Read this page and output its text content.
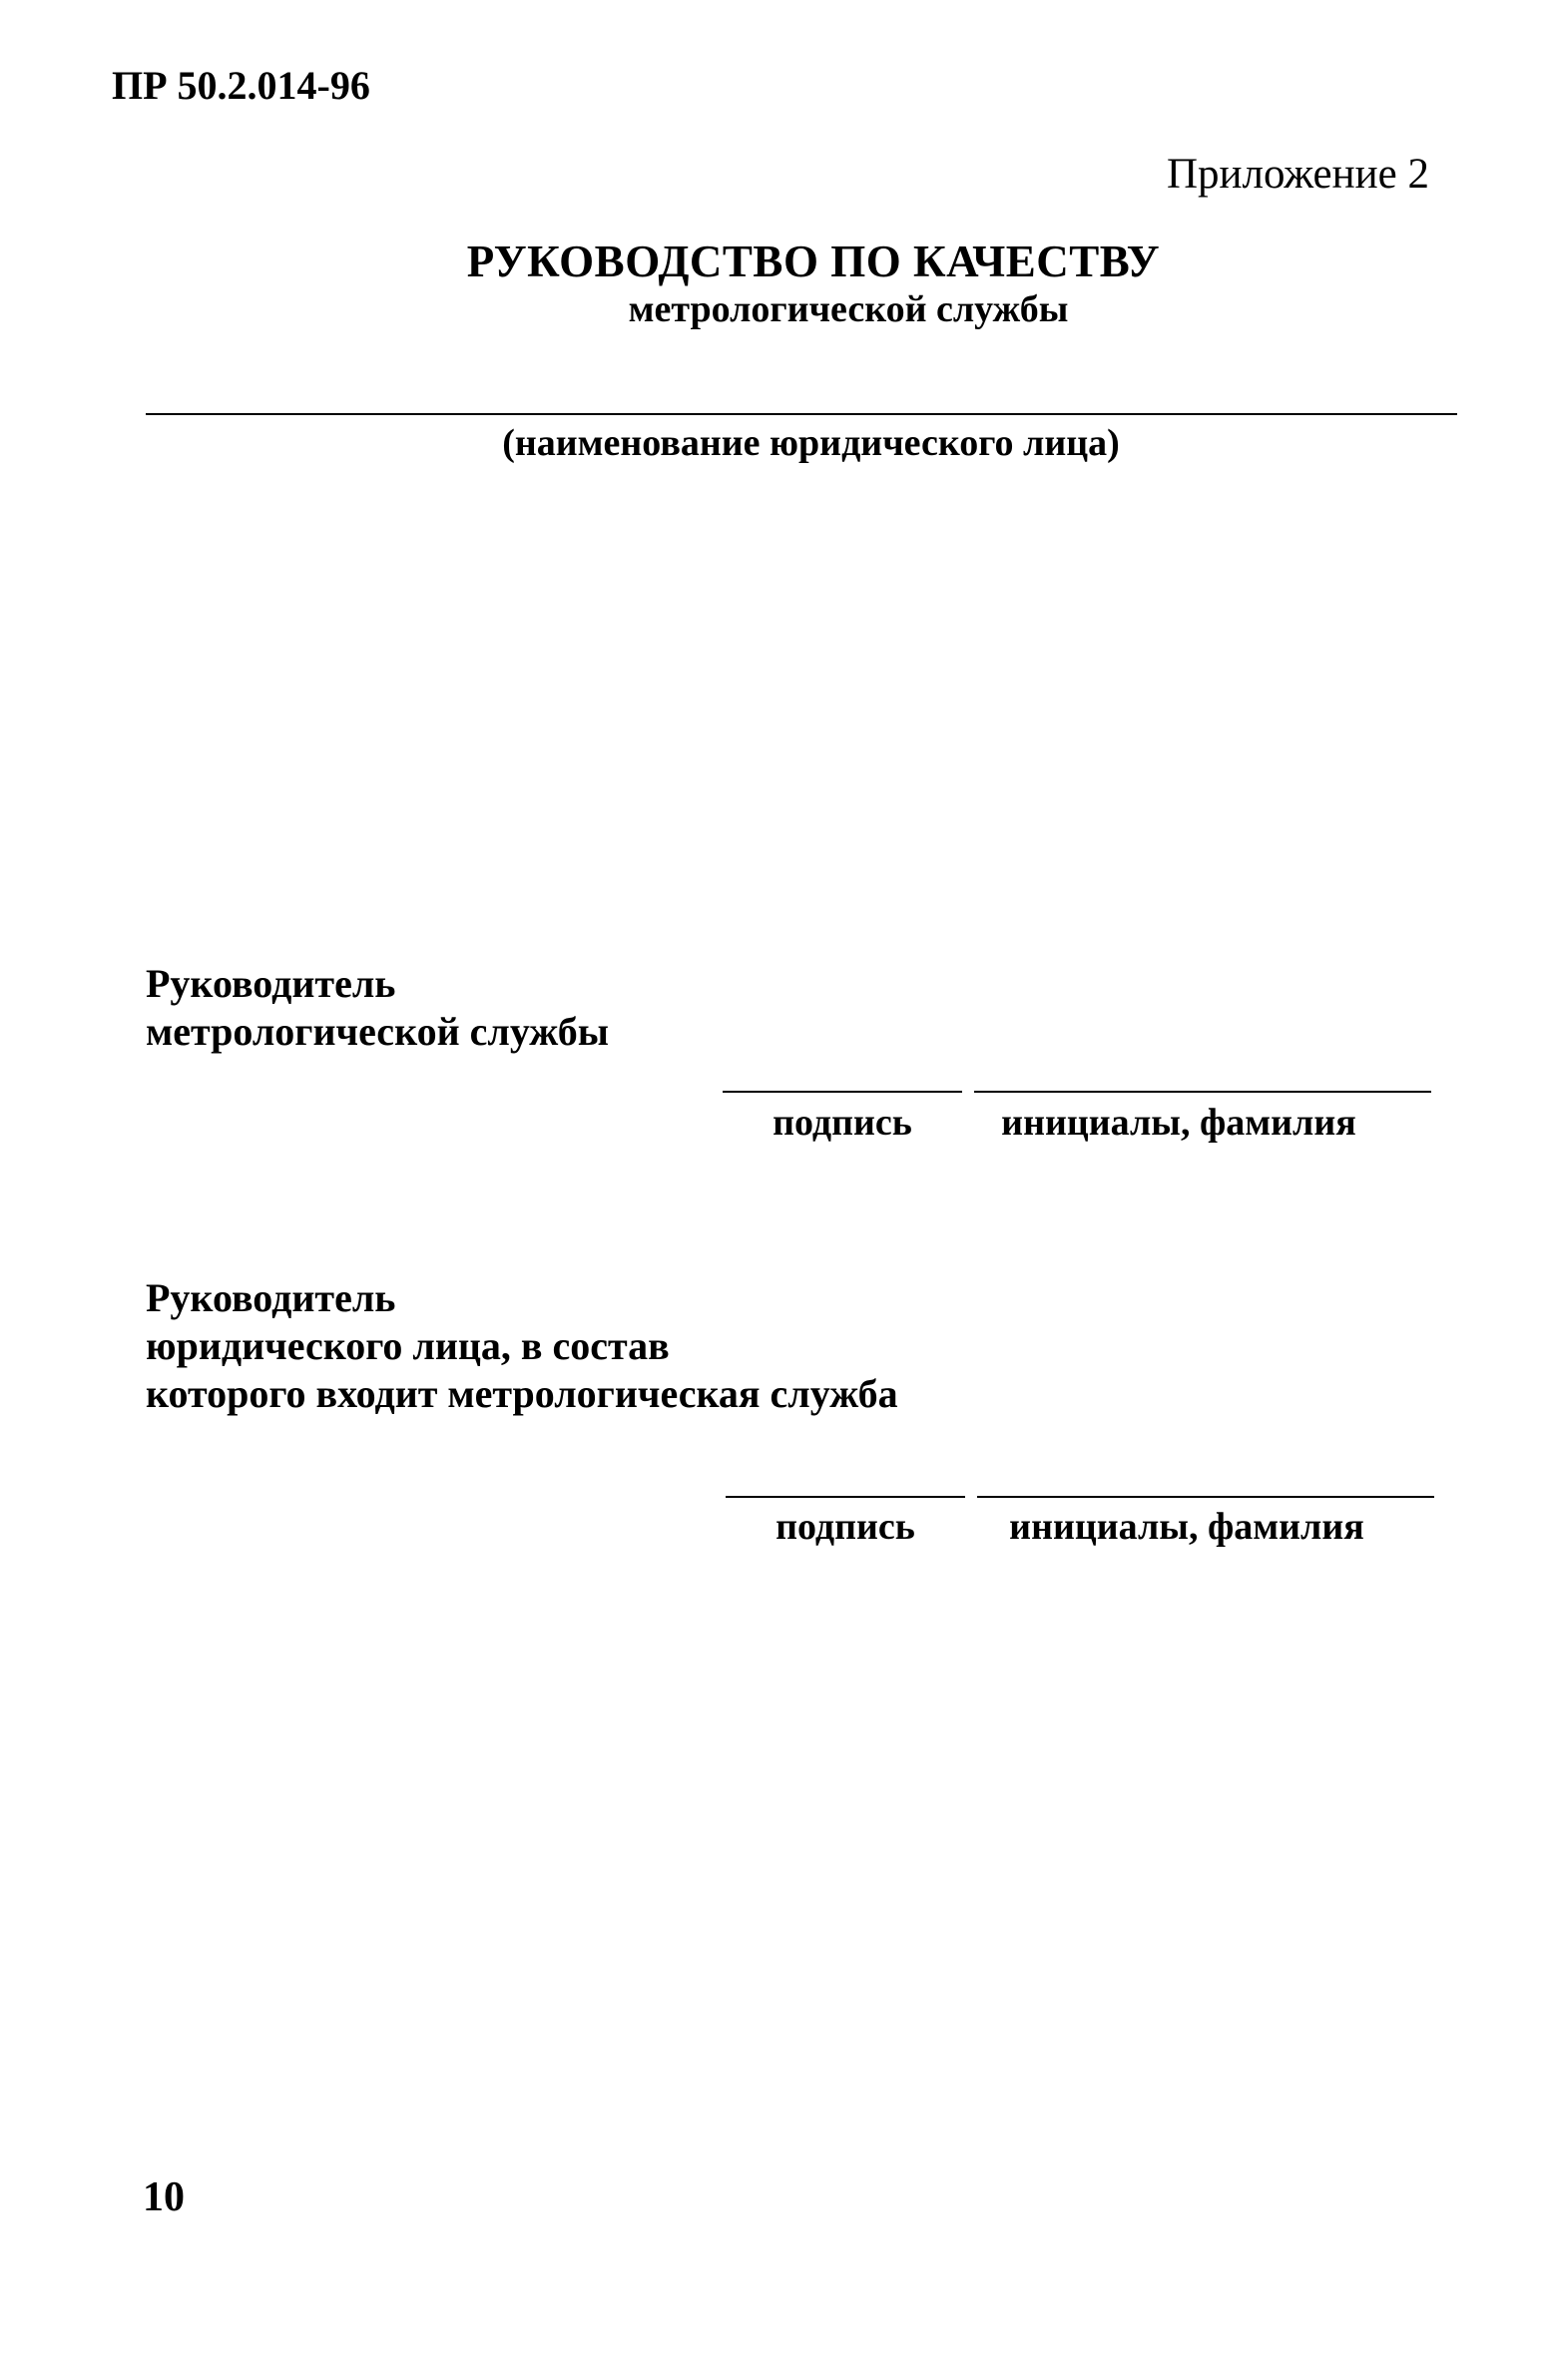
ПР 50.2.014-96
Приложение 2
РУКОВОДСТВО ПО КАЧЕСТВУ
метрологической службы
(наименование юридического лица)
Руководитель
метрологической службы
подпись	инициалы, фамилия
Руководитель
юридического лица, в состав
которого входит метрологическая служба
подпись	инициалы, фамилия
10
